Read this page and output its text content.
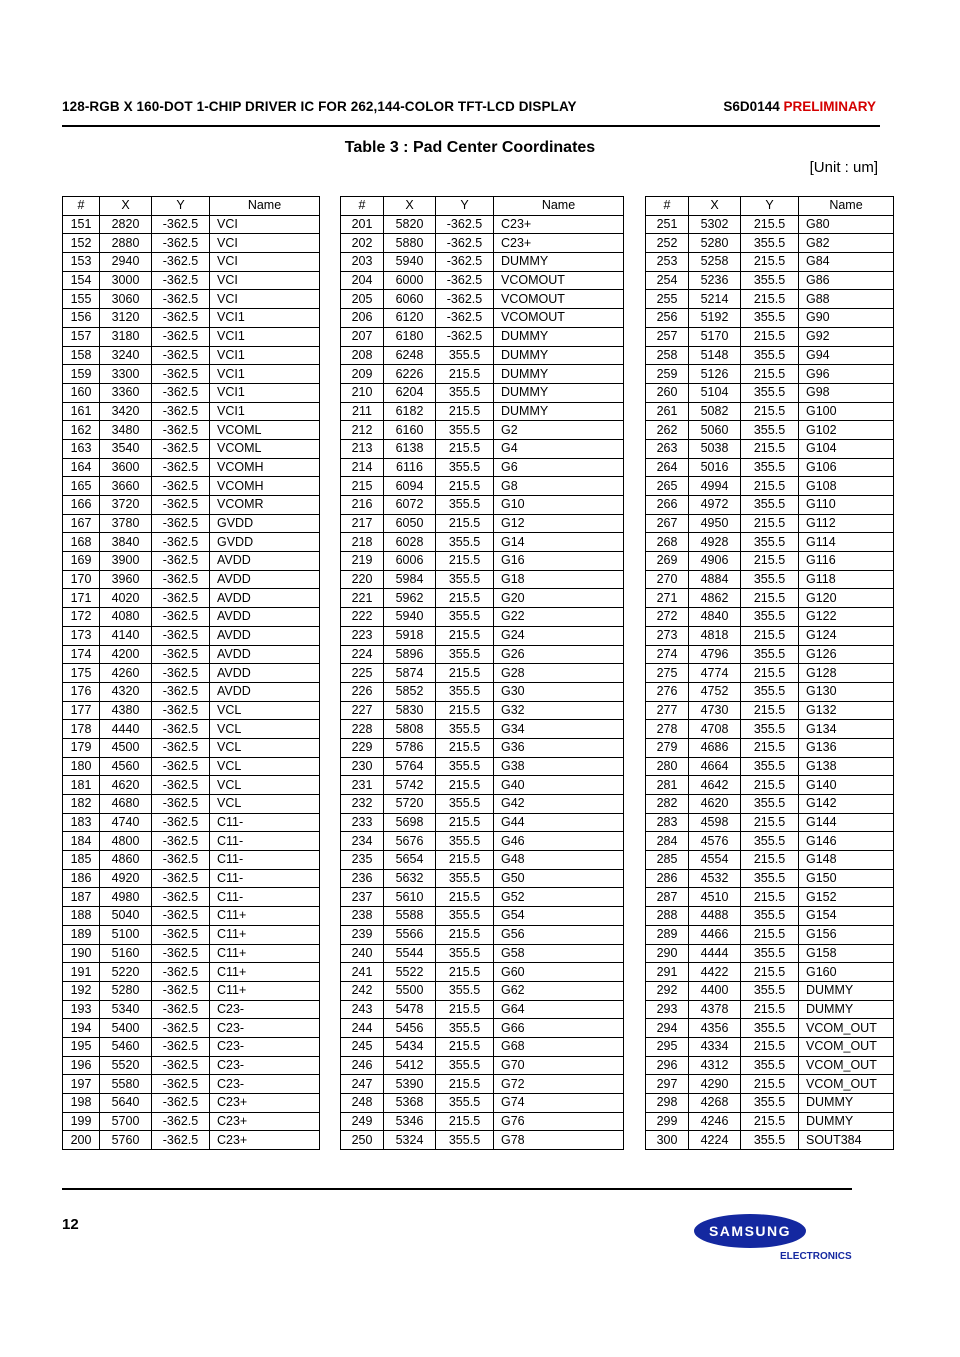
128-RGB X 160-DOT 1-CHIP DRIVER IC FOR 262,144-COLOR TFT-LCD DISPLAY	S6D0144 PRELIMINARY
Table 3 : Pad Center Coordinates
[Unit : um]
#	X	Y	Name
151	2820	-362.5	VCI
152	2880	-362.5	VCI
153	2940	-362.5	VCI
154	3000	-362.5	VCI
155	3060	-362.5	VCI
156	3120	-362.5	VCI1
157	3180	-362.5	VCI1
158	3240	-362.5	VCI1
159	3300	-362.5	VCI1
160	3360	-362.5	VCI1
161	3420	-362.5	VCI1
162	3480	-362.5	VCOML
163	3540	-362.5	VCOML
164	3600	-362.5	VCOMH
165	3660	-362.5	VCOMH
166	3720	-362.5	VCOMR
167	3780	-362.5	GVDD
168	3840	-362.5	GVDD
169	3900	-362.5	AVDD
170	3960	-362.5	AVDD
171	4020	-362.5	AVDD
172	4080	-362.5	AVDD
173	4140	-362.5	AVDD
174	4200	-362.5	AVDD
175	4260	-362.5	AVDD
176	4320	-362.5	AVDD
177	4380	-362.5	VCL
178	4440	-362.5	VCL
179	4500	-362.5	VCL
180	4560	-362.5	VCL
181	4620	-362.5	VCL
182	4680	-362.5	VCL
183	4740	-362.5	C11-
184	4800	-362.5	C11-
185	4860	-362.5	C11-
186	4920	-362.5	C11-
187	4980	-362.5	C11-
188	5040	-362.5	C11+
189	5100	-362.5	C11+
190	5160	-362.5	C11+
191	5220	-362.5	C11+
192	5280	-362.5	C11+
193	5340	-362.5	C23-
194	5400	-362.5	C23-
195	5460	-362.5	C23-
196	5520	-362.5	C23-
197	5580	-362.5	C23-
198	5640	-362.5	C23+
199	5700	-362.5	C23+
200	5760	-362.5	C23+
#	X	Y	Name
201	5820	-362.5	C23+
202	5880	-362.5	C23+
203	5940	-362.5	DUMMY
204	6000	-362.5	VCOMOUT
205	6060	-362.5	VCOMOUT
206	6120	-362.5	VCOMOUT
207	6180	-362.5	DUMMY
208	6248	355.5	DUMMY
209	6226	215.5	DUMMY
210	6204	355.5	DUMMY
211	6182	215.5	DUMMY
212	6160	355.5	G2
213	6138	215.5	G4
214	6116	355.5	G6
215	6094	215.5	G8
216	6072	355.5	G10
217	6050	215.5	G12
218	6028	355.5	G14
219	6006	215.5	G16
220	5984	355.5	G18
221	5962	215.5	G20
222	5940	355.5	G22
223	5918	215.5	G24
224	5896	355.5	G26
225	5874	215.5	G28
226	5852	355.5	G30
227	5830	215.5	G32
228	5808	355.5	G34
229	5786	215.5	G36
230	5764	355.5	G38
231	5742	215.5	G40
232	5720	355.5	G42
233	5698	215.5	G44
234	5676	355.5	G46
235	5654	215.5	G48
236	5632	355.5	G50
237	5610	215.5	G52
238	5588	355.5	G54
239	5566	215.5	G56
240	5544	355.5	G58
241	5522	215.5	G60
242	5500	355.5	G62
243	5478	215.5	G64
244	5456	355.5	G66
245	5434	215.5	G68
246	5412	355.5	G70
247	5390	215.5	G72
248	5368	355.5	G74
249	5346	215.5	G76
250	5324	355.5	G78
#	X	Y	Name
251	5302	215.5	G80
252	5280	355.5	G82
253	5258	215.5	G84
254	5236	355.5	G86
255	5214	215.5	G88
256	5192	355.5	G90
257	5170	215.5	G92
258	5148	355.5	G94
259	5126	215.5	G96
260	5104	355.5	G98
261	5082	215.5	G100
262	5060	355.5	G102
263	5038	215.5	G104
264	5016	355.5	G106
265	4994	215.5	G108
266	4972	355.5	G110
267	4950	215.5	G112
268	4928	355.5	G114
269	4906	215.5	G116
270	4884	355.5	G118
271	4862	215.5	G120
272	4840	355.5	G122
273	4818	215.5	G124
274	4796	355.5	G126
275	4774	215.5	G128
276	4752	355.5	G130
277	4730	215.5	G132
278	4708	355.5	G134
279	4686	215.5	G136
280	4664	355.5	G138
281	4642	215.5	G140
282	4620	355.5	G142
283	4598	215.5	G144
284	4576	355.5	G146
285	4554	215.5	G148
286	4532	355.5	G150
287	4510	215.5	G152
288	4488	355.5	G154
289	4466	215.5	G156
290	4444	355.5	G158
291	4422	215.5	G160
292	4400	355.5	DUMMY
293	4378	215.5	DUMMY
294	4356	355.5	VCOM_OUT
295	4334	215.5	VCOM_OUT
296	4312	355.5	VCOM_OUT
297	4290	215.5	VCOM_OUT
298	4268	355.5	DUMMY
299	4246	215.5	DUMMY
300	4224	355.5	SOUT384
12	SAMSUNG
ELECTRONICS
